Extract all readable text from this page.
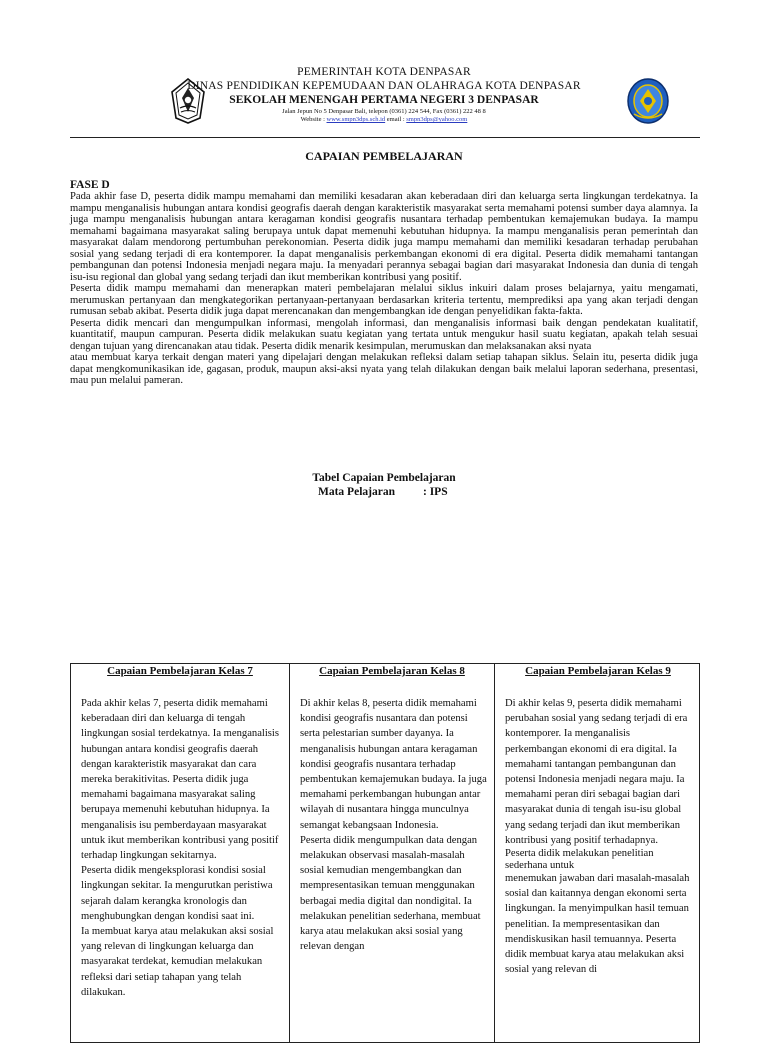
PEMERINTAH KOTA DENPASAR
DINAS PENDIDIKAN KEPEMUDAAN DAN OLAHRAGA KOTA DENPASAR
SEKOLAH MENENGAH PERTAMA NEGERI 3 DENPASAR
Jalan Jepun No 5 Denpasar Bali, telepon (0361) 224 544, Fax (0361) 222 48 8
Website : www.smpn3dps.sch.id email : smpn3dps@yahoo.com
CAPAIAN PEMBELAJARAN
FASE D

Pada akhir fase D, peserta didik mampu memahami dan memiliki kesadaran akan keberadaan diri dan keluarga serta lingkungan terdekatnya. Ia mampu menganalisis hubungan antara kondisi geografis daerah dengan karakteristik masyarakat serta memahami potensi sumber daya alamnya. Ia juga mampu menganalisis hubungan antara keragaman kondisi geografis nusantara terhadap pembentukan kemajemukan budaya. Ia mampu memahami bagaimana masyarakat saling berupaya untuk dapat memenuhi kebutuhan hidupnya. Ia mampu menganalisis peran pemerintah dan masyarakat dalam mendorong pertumbuhan perekonomian. Peserta didik juga mampu memahami dan memiliki kesadaran terhadap perubahan sosial yang sedang terjadi di era kontemporer. Ia dapat menganalisis perkembangan ekonomi di era digital. Peserta didik memahami tantangan pembangunan dan potensi Indonesia menjadi negara maju. Ia menyadari perannya sebagai bagian dari masyarakat Indonesia dan dunia di tengah isu-isu regional dan global yang sedang terjadi dan ikut memberikan kontribusi yang positif.

Peserta didik mampu memahami dan menerapkan materi pembelajaran melalui siklus inkuiri dalam proses belajarnya, yaitu mengamati, merumuskan pertanyaan dan mengkategorikan pertanyaan-pertanyaan berdasarkan kriteria tertentu, memprediksi apa yang akan terjadi dengan rumusan sebab akibat. Peserta didik juga dapat merencanakan dan mengembangkan ide dengan penyelidikan fakta-fakta.

Peserta didik mencari dan mengumpulkan informasi, mengolah informasi, dan menganalisis informasi baik dengan pendekatan kualitatif, kuantitatif, maupun campuran. Peserta didik melakukan suatu kegiatan yang tertata untuk mengukur hasil suatu kegiatan, apakah telah sesuai dengan tujuan yang direncanakan atau tidak. Peserta didik menarik kesimpulan, merumuskan dan melaksanakan aksi nyata

atau membuat karya terkait dengan materi yang dipelajari dengan melakukan refleksi dalam setiap tahapan siklus. Selain itu, peserta didik juga dapat mengkomunikasikan ide, gagasan, produk, maupun aksi-aksi nyata yang telah dilakukan dengan baik melalui laporan sederhana, presentasi, mau pun melalui pameran.

Tabel Capaian Pembelajaran
Mata Pelajaran : IPS
Capaian Pembelajaran Kelas 7

Pada akhir kelas 7, peserta didik memahami keberadaan diri dan keluarga di tengah lingkungan sosial terdekatnya. Ia menganalisis hubungan antara kondisi geografis daerah dengan karakteristik masyarakat dan cara mereka berakitivitas. Peserta didik juga memahami bagaimana masyarakat saling berupaya memenuhi kebutuhan hidupnya. Ia menganalisis isu pemberdayaan masyarakat untuk ikut memberikan kontribusi yang positif terhadap lingkungan sekitarnya.

Peserta didik mengeksplorasi kondisi sosial lingkungan sekitar. Ia mengurutkan peristiwa sejarah dalam kerangka kronologis dan menghubungkan dengan kondisi saat ini.

Ia membuat karya atau melakukan aksi sosial yang relevan di lingkungan keluarga dan masyarakat terdekat, kemudian melakukan refleksi dari setiap tahapan yang telah dilakukan.

Capaian Pembelajaran Kelas 8

Di akhir kelas 8, peserta didik memahami kondisi geografis nusantara dan potensi serta pelestarian sumber dayanya. Ia menganalisis hubungan antara keragaman kondisi geografis nusantara terhadap pembentukan kemajemukan budaya. Ia juga memahami perkembangan hubungan antar wilayah di nusantara hingga munculnya semangat kebangsaan Indonesia.

Peserta didik mengumpulkan data dengan melakukan observasi masalah-masalah sosial kemudian mengembangkan dan mempresentasikan temuan menggunakan berbagai media digital dan nondigital. Ia melakukan penelitian sederhana, membuat karya atau melakukan aksi sosial yang relevan dengan

Capaian Pembelajaran Kelas 9

Di akhir kelas 9, peserta didik memahami perubahan sosial yang sedang terjadi di era kontemporer. Ia menganalisis perkembangan ekonomi di era digital. Ia memahami tantangan pembangunan dan potensi Indonesia menjadi negara maju. Ia memahami peran diri sebagai bagian dari masyarakat dunia di tengah isu-isu global yang sedang terjadi dan ikut memberikan kontribusi yang positif terhadapnya.

Peserta didik melakukan penelitian sederhana untuk

menemukan jawaban dari masalah-masalah sosial dan kaitannya dengan ekonomi serta lingkungan. Ia menyimpulkan hasil temuan penelitian. Ia mempresentasikan dan mendiskusikan hasil temuannya. Peserta didik membuat karya atau melakukan aksi sosial yang relevan di
